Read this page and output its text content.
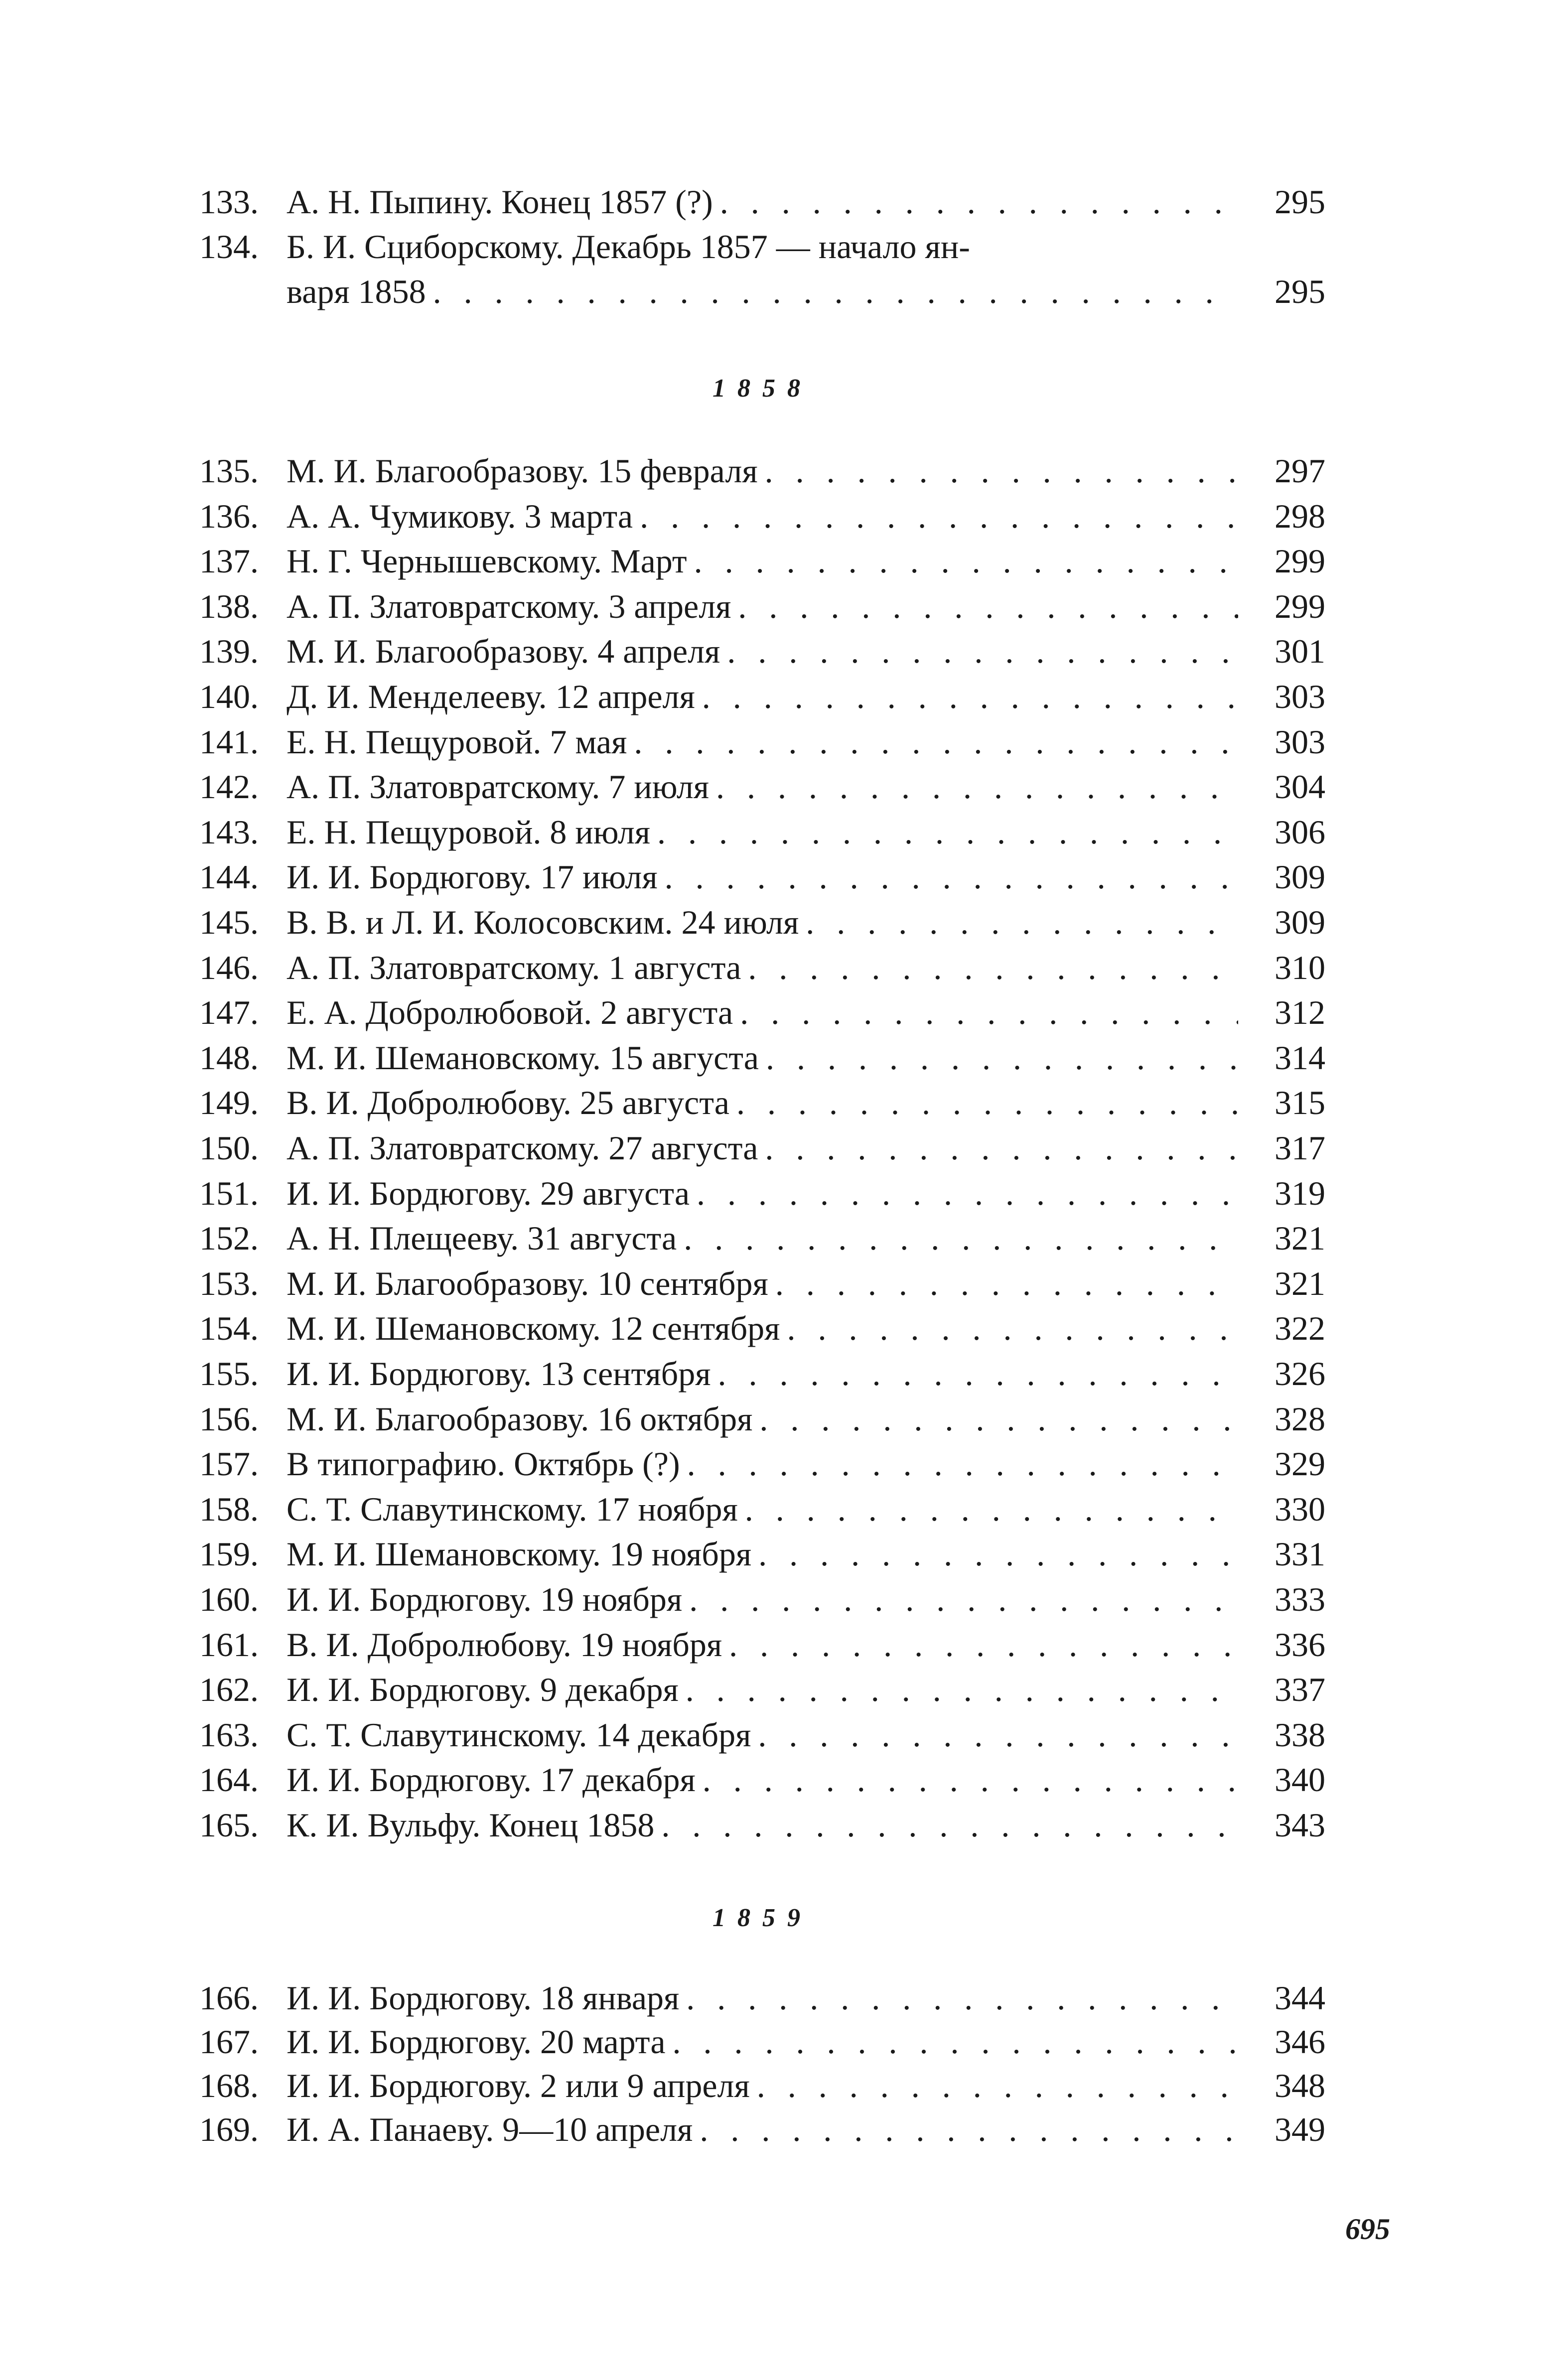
133. А. Н. Пыпину. Конец 1857 (?) . . .	295
134. Б. И. Сциборскому. Декабрь 1857 — начало ян-
варя 1858 . . .	295
1858
135. М. И. Благообразову. 15 февраля . . .	297
136. А. А. Чумикову. 3 марта . . .	298
137. Н. Г. Чернышевскому. Март . . .	299
138. А. П. Златовратскому. 3 апреля . . .	299
139. М. И. Благообразову. 4 апреля . . .	301
140. Д. И. Менделееву. 12 апреля . . .	303
141. Е. Н. Пещуровой. 7 мая . . .	303
142. А. П. Златовратскому. 7 июля . . .	304
143. Е. Н. Пещуровой. 8 июля . . .	306
144. И. И. Бордюгову. 17 июля . . .	309
145. В. В. и Л. И. Колосовским. 24 июля . . .	309
146. А. П. Златовратскому. 1 августа . . .	310
147. Е. А. Добролюбовой. 2 августа . . .	312
148. М. И. Шемановскому. 15 августа . . .	314
149. В. И. Добролюбову. 25 августа . . .	315
150. А. П. Златовратскому. 27 августа . . .	317
151. И. И. Бордюгову. 29 августа . . .	319
152. А. Н. Плещееву. 31 августа . . .	321
153. М. И. Благообразову. 10 сентября . . .	321
154. М. И. Шемановскому. 12 сентября . . .	322
155. И. И. Бордюгову. 13 сентября . . .	326
156. М. И. Благообразову. 16 октября . . .	328
157. В типографию. Октябрь (?) . . .	329
158. С. Т. Славутинскому. 17 ноября . . .	330
159. М. И. Шемановскому. 19 ноября . . .	331
160. И. И. Бордюгову. 19 ноября . . .	333
161. В. И. Добролюбову. 19 ноября . . .	336
162. И. И. Бордюгову. 9 декабря . . .	337
163. С. Т. Славутинскому. 14 декабря . . .	338
164. И. И. Бордюгову. 17 декабря . . .	340
165. К. И. Вульфу. Конец 1858 . . .	343
1859
166. И. И. Бордюгову. 18 января . . .	344
167. И. И. Бордюгову. 20 марта . . .	346
168. И. И. Бордюгову. 2 или 9 апреля . . .	348
169. И. А. Панаеву. 9—10 апреля . . .	349
695
